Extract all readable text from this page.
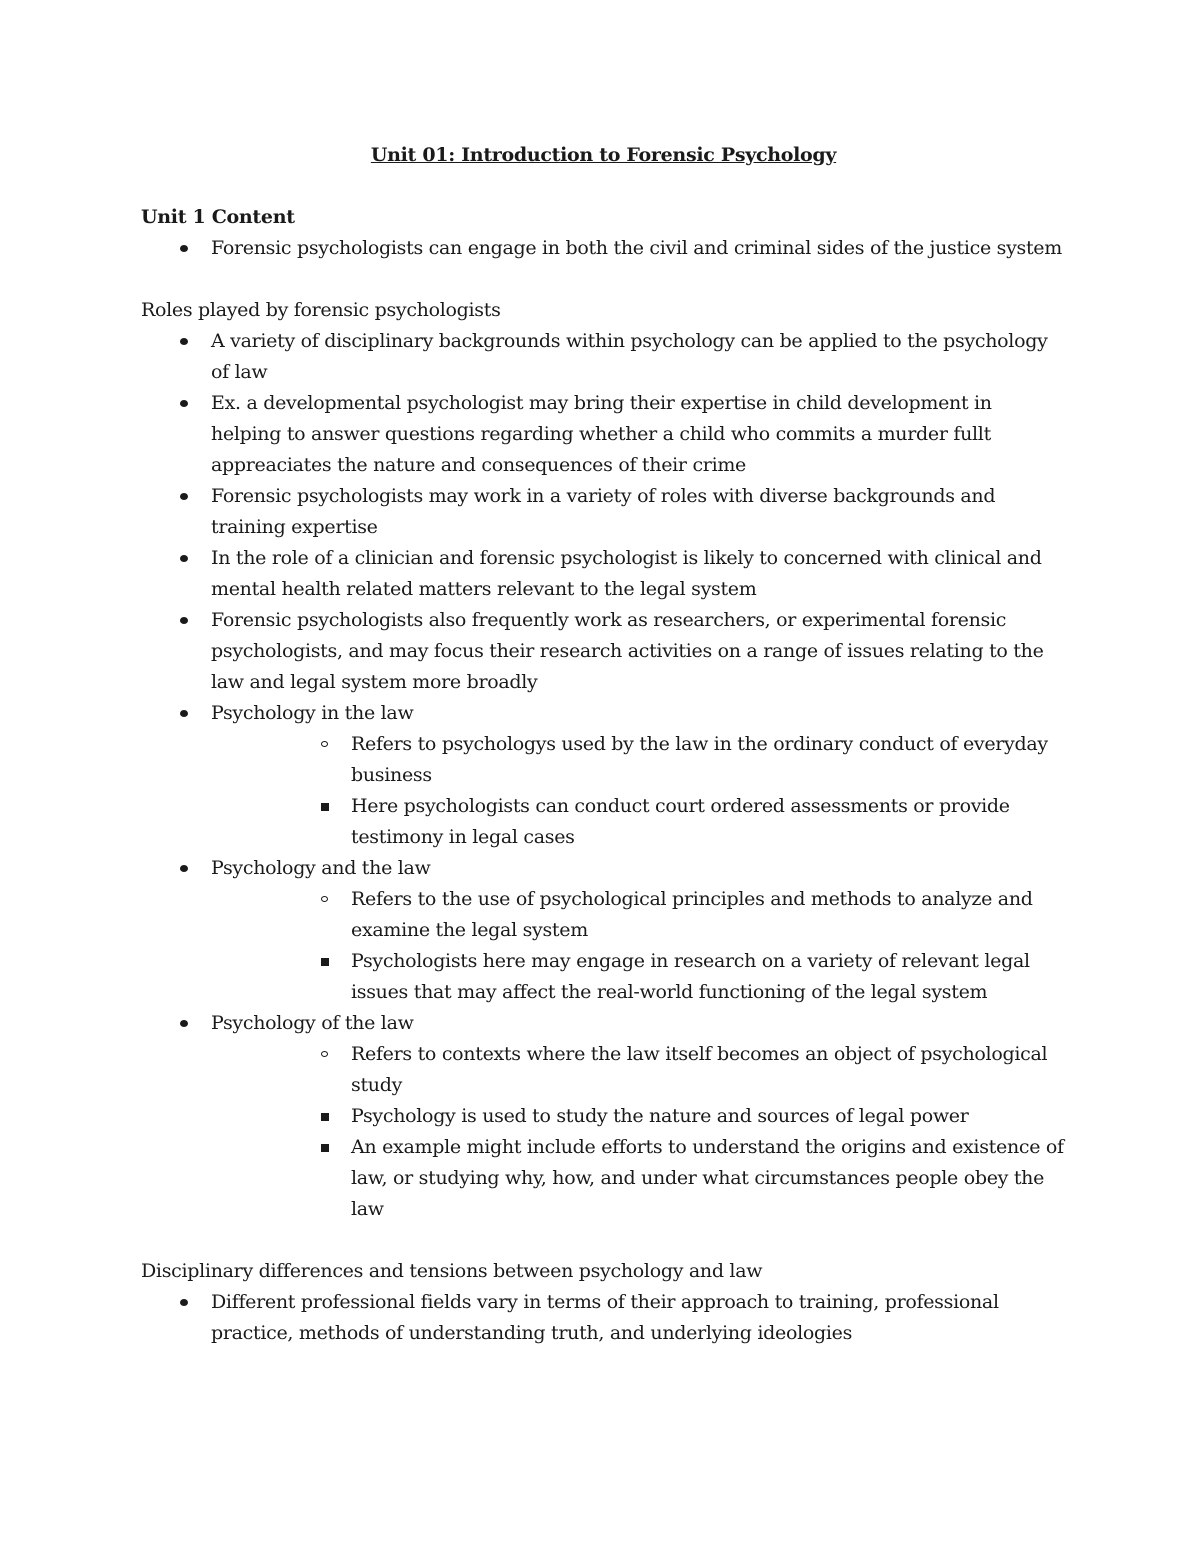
Unit 01: Introduction to Forensic Psychology
Unit 1 Content
Forensic psychologists can engage in both the civil and criminal sides of the justice system
Roles played by forensic psychologists
A variety of disciplinary backgrounds within psychology can be applied to the psychology of law
Ex. a developmental psychologist may bring their expertise in child development in helping to answer questions regarding whether a child who commits a murder fullt appreaciates the nature and consequences of their crime
Forensic psychologists may work in a variety of roles with diverse backgrounds and training expertise
In the role of a clinician and forensic psychologist is likely to concerned with clinical and mental health related matters relevant to the legal system
Forensic psychologists also frequently work as researchers, or experimental forensic psychologists, and may focus their research activities on a range of issues relating to the law and legal system more broadly
Psychology in the law
Refers to psychologys used by the law in the ordinary conduct of everyday business
Here psychologists can conduct court ordered assessments or provide testimony in legal cases
Psychology and the law
Refers to the use of psychological principles and methods to analyze and examine the legal system
Psychologists here may engage in research on a variety of relevant legal issues that may affect the real-world functioning of the legal system
Psychology of the law
Refers to contexts where the law itself becomes an object of psychological study
Psychology is used to study the nature and sources of legal power
An example might include efforts to understand the origins and existence of law, or studying why, how, and under what circumstances people obey the law
Disciplinary differences and tensions between psychology and law
Different professional fields vary in terms of their approach to training, professional practice, methods of understanding truth, and underlying ideologies
